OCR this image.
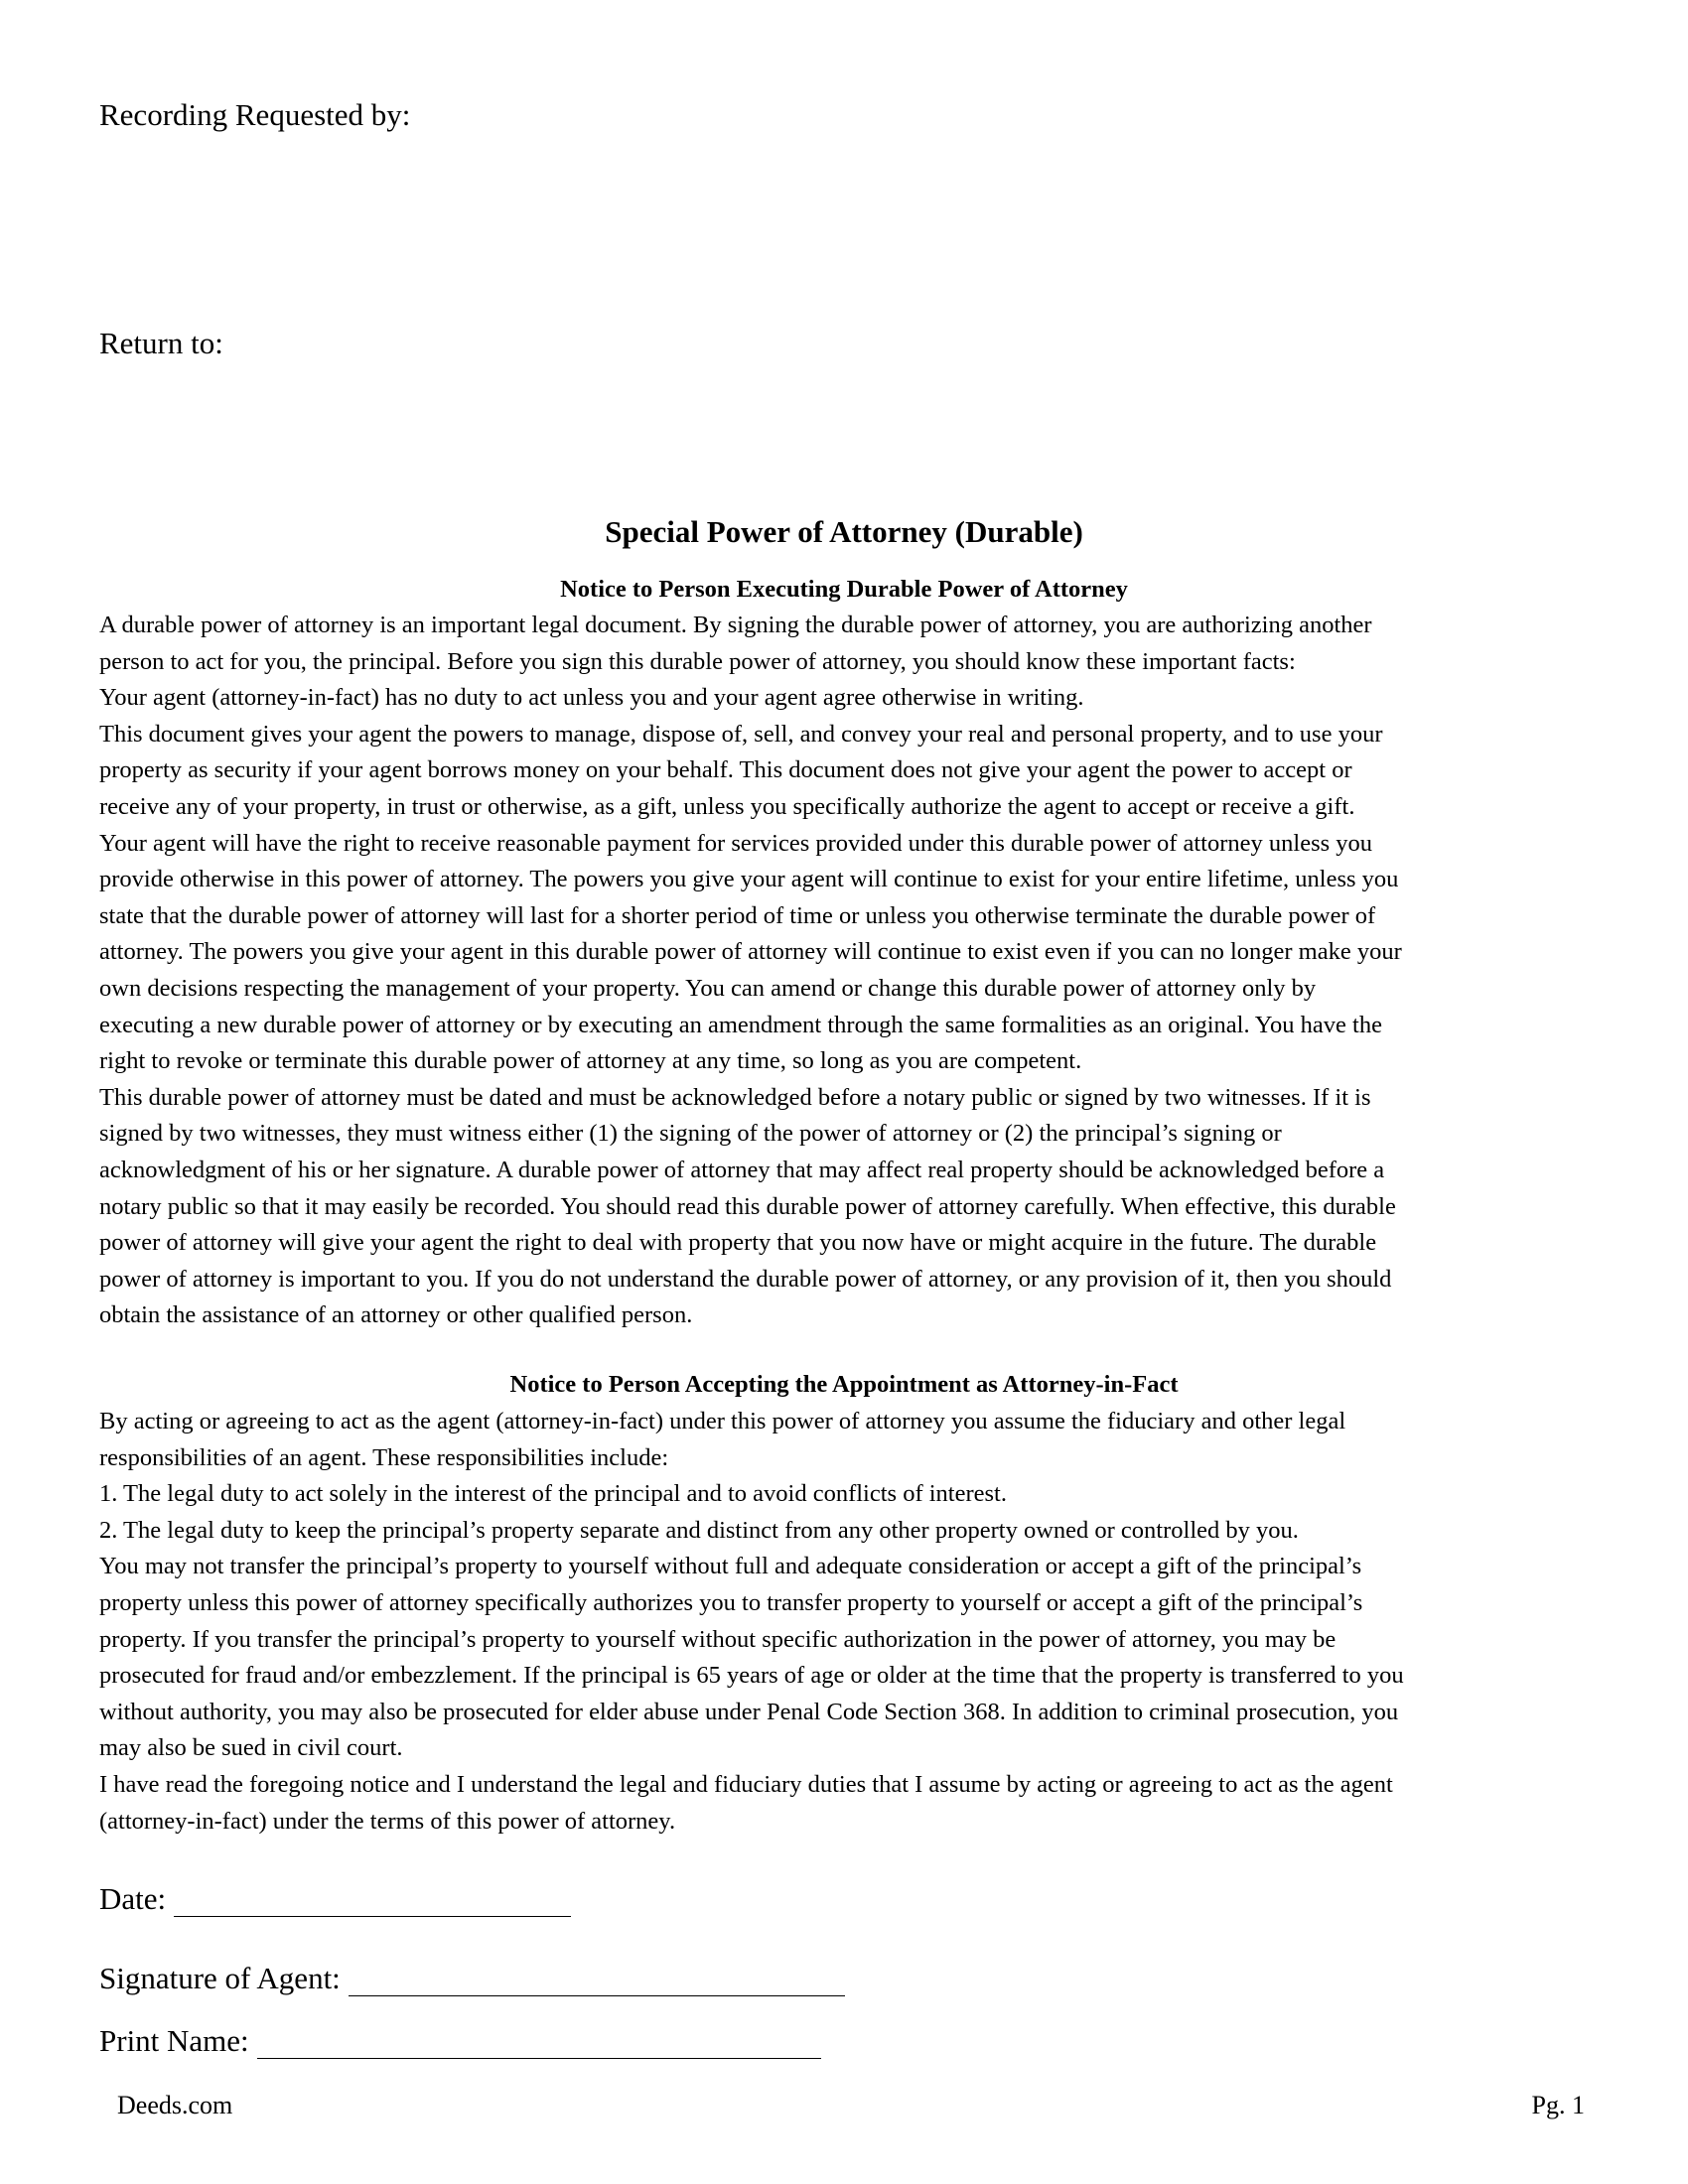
Recording Requested by:
Return to:
Special Power of Attorney (Durable)
Notice to Person Executing Durable Power of Attorney
A durable power of attorney is an important legal document. By signing the durable power of attorney, you are authorizing another
person to act for you, the principal. Before you sign this durable power of attorney, you should know these important facts:
Your agent (attorney-in-fact) has no duty to act unless you and your agent agree otherwise in writing.
This document gives your agent the powers to manage, dispose of, sell, and convey your real and personal property, and to use your
property as security if your agent borrows money on your behalf. This document does not give your agent the power to accept or
receive any of your property, in trust or otherwise, as a gift, unless you specifically authorize the agent to accept or receive a gift.
Your agent will have the right to receive reasonable payment for services provided under this durable power of attorney unless you
provide otherwise in this power of attorney. The powers you give your agent will continue to exist for your entire lifetime, unless you
state that the durable power of attorney will last for a shorter period of time or unless you otherwise terminate the durable power of
attorney. The powers you give your agent in this durable power of attorney will continue to exist even if you can no longer make your
own decisions respecting the management of your property. You can amend or change this durable power of attorney only by
executing a new durable power of attorney or by executing an amendment through the same formalities as an original. You have the
right to revoke or terminate this durable power of attorney at any time, so long as you are competent.
This durable power of attorney must be dated and must be acknowledged before a notary public or signed by two witnesses. If it is
signed by two witnesses, they must witness either (1) the signing of the power of attorney or (2) the principal’s signing or
acknowledgment of his or her signature. A durable power of attorney that may affect real property should be acknowledged before a
notary public so that it may easily be recorded. You should read this durable power of attorney carefully. When effective, this durable
power of attorney will give your agent the right to deal with property that you now have or might acquire in the future. The durable
power of attorney is important to you. If you do not understand the durable power of attorney, or any provision of it, then you should
obtain the assistance of an attorney or other qualified person.
Notice to Person Accepting the Appointment as Attorney-in-Fact
By acting or agreeing to act as the agent (attorney-in-fact) under this power of attorney you assume the fiduciary and other legal
responsibilities of an agent. These responsibilities include:
1. The legal duty to act solely in the interest of the principal and to avoid conflicts of interest.
2. The legal duty to keep the principal’s property separate and distinct from any other property owned or controlled by you.
You may not transfer the principal’s property to yourself without full and adequate consideration or accept a gift of the principal’s
property unless this power of attorney specifically authorizes you to transfer property to yourself or accept a gift of the principal’s
property. If you transfer the principal’s property to yourself without specific authorization in the power of attorney, you may be
prosecuted for fraud and/or embezzlement. If the principal is 65 years of age or older at the time that the property is transferred to you
without authority, you may also be prosecuted for elder abuse under Penal Code Section 368. In addition to criminal prosecution, you
may also be sued in civil court.
I have read the foregoing notice and I understand the legal and fiduciary duties that I assume by acting or agreeing to act as the agent
(attorney-in-fact) under the terms of this power of attorney.
Date:
Signature of Agent:
Print Name:
Deeds.com	Pg. 1
